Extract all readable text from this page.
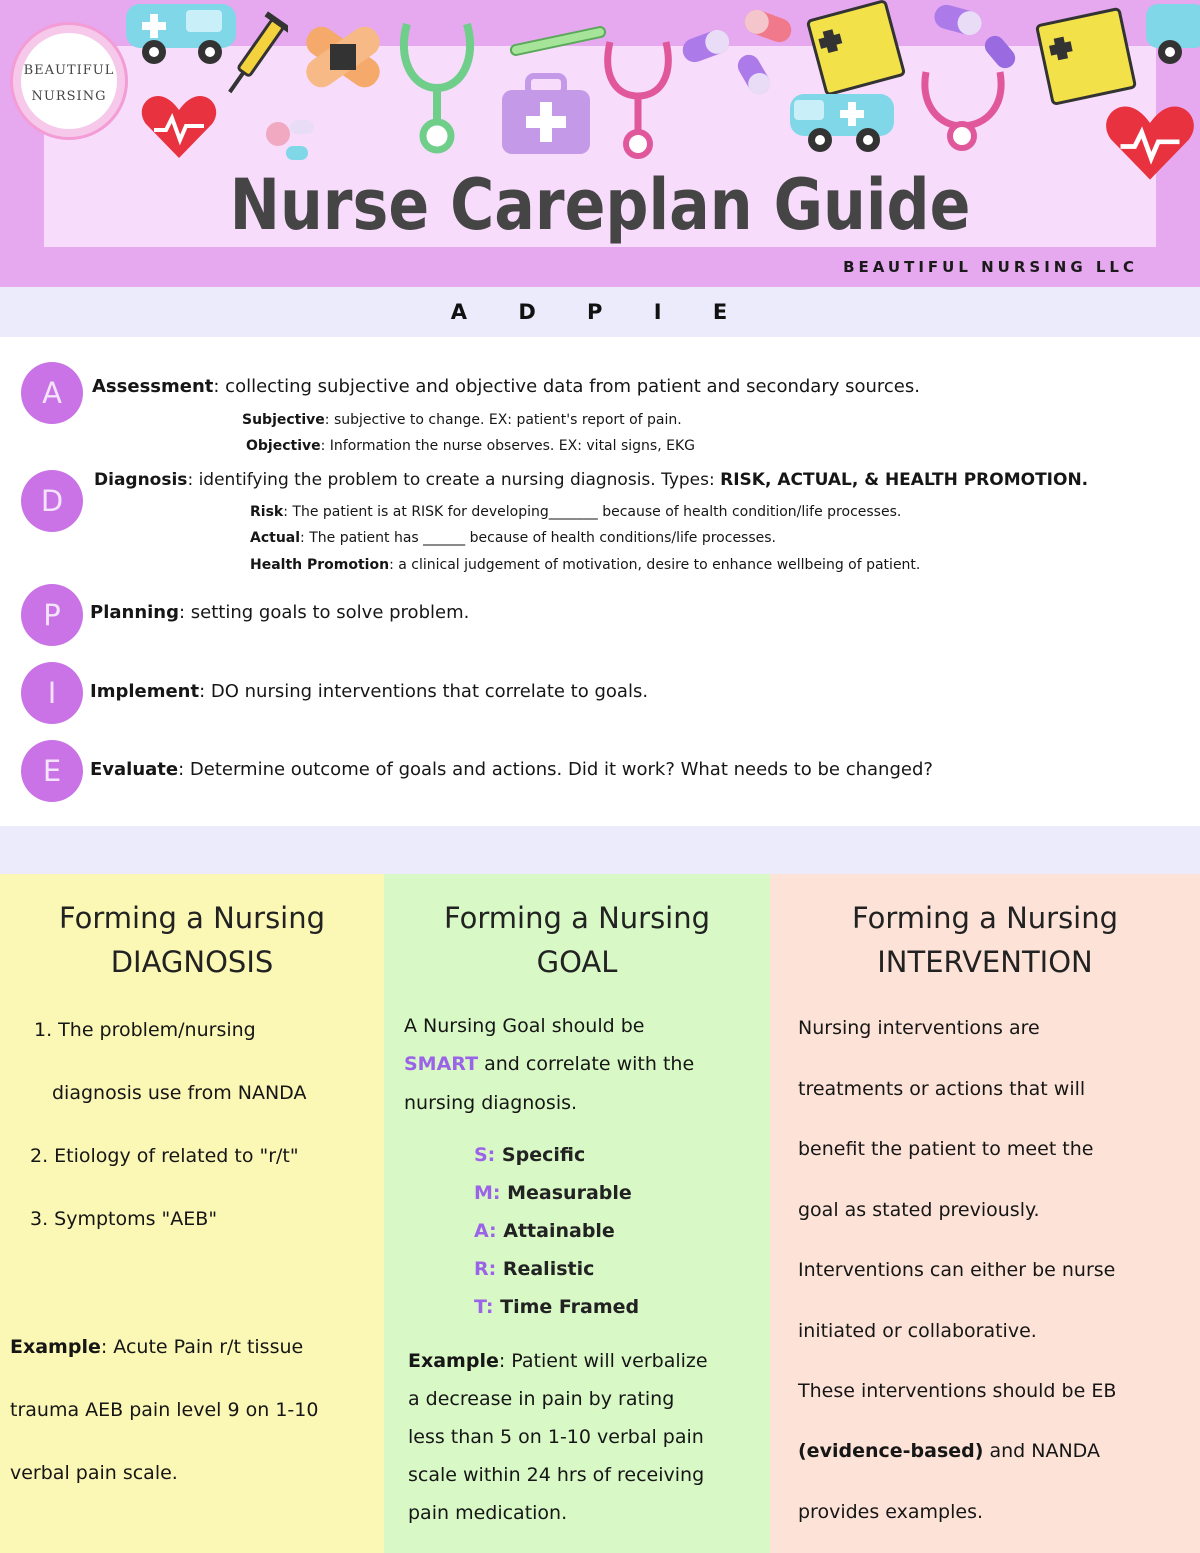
BEAUTIFUL
NURSING
Nurse Careplan Guide
BEAUTIFUL NURSING LLC
A D P I E
A	Assessment: collecting subjective and objective data from patient and secondary sources.
Subjective: subjective to change. EX: patient's report of pain.
Objective: Information the nurse observes. EX: vital signs, EKG
D
Diagnosis: identifying the problem to create a nursing diagnosis. Types: RISK, ACTUAL, & HEALTH PROMOTION.
Risk: The patient is at RISK for developing_______ because of health condition/life processes.
Actual: The patient has ______ because of health conditions/life processes.
Health Promotion: a clinical judgement of motivation, desire to enhance wellbeing of patient.
P	Planning: setting goals to solve problem.
I	Implement: DO nursing interventions that correlate to goals.
E	Evaluate: Determine outcome of goals and actions. Did it work? What needs to be changed?
Forming a Nursing
DIAGNOSIS
1. The problem/nursing
diagnosis use from NANDA
2. Etiology of related to "r/t"
3. Symptoms "AEB"
Example: Acute Pain r/t tissue
trauma AEB pain level 9 on 1-10
verbal pain scale.
Forming a Nursing
GOAL
A Nursing Goal should be
SMART and correlate with the
nursing diagnosis.
S: Specific
M: Measurable
A: Attainable
R: Realistic
T: Time Framed
Example: Patient will verbalize
a decrease in pain by rating
less than 5 on 1-10 verbal pain
scale within 24 hrs of receiving
pain medication.
Forming a Nursing
INTERVENTION
Nursing interventions are
treatments or actions that will
benefit the patient to meet the
goal as stated previously.
Interventions can either be nurse
initiated or collaborative.
These interventions should be EB
(evidence-based) and NANDA
provides examples.
